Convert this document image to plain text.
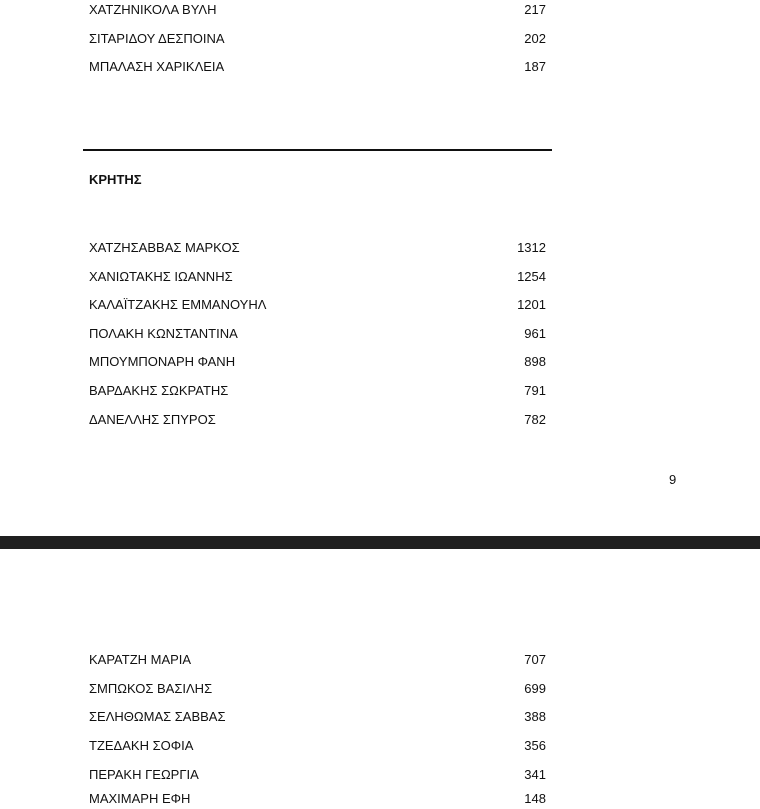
ΧΑΤΖΗΝΙΚΟΛΑ ΒΥΛΗ	217
ΣΙΤΑΡΙΔΟΥ ΔΕΣΠΟΙΝΑ	202
ΜΠΑΛΑΣΗ ΧΑΡΙΚΛΕΙΑ	187
ΚΡΗΤΗΣ
ΧΑΤΖΗΣΑΒΒΑΣ ΜΑΡΚΟΣ	1312
ΧΑΝΙΩΤΑΚΗΣ ΙΩΑΝΝΗΣ	1254
ΚΑΛΑΪΤΖΑΚΗΣ ΕΜΜΑΝΟΥΗΛ	1201
ΠΟΛΑΚΗ ΚΩΝΣΤΑΝΤΙΝΑ	961
ΜΠΟΥΜΠΟΝΑΡΗ ΦΑΝΗ	898
ΒΑΡΔΑΚΗΣ ΣΩΚΡΑΤΗΣ	791
ΔΑΝΕΛΛΗΣ ΣΠΥΡΟΣ	782
9
ΚΑΡΑΤΖΗ ΜΑΡΙΑ	707
ΣΜΠΩΚΟΣ ΒΑΣΙΛΗΣ	699
ΣΕΛΗΘΩΜΑΣ ΣΑΒΒΑΣ	388
ΤΖΕΔΑΚΗ ΣΟΦΙΑ	356
ΠΕΡΑΚΗ ΓΕΩΡΓΙΑ	341
ΜΑΧΙΜΑΡΗ ΕΦΗ	148
